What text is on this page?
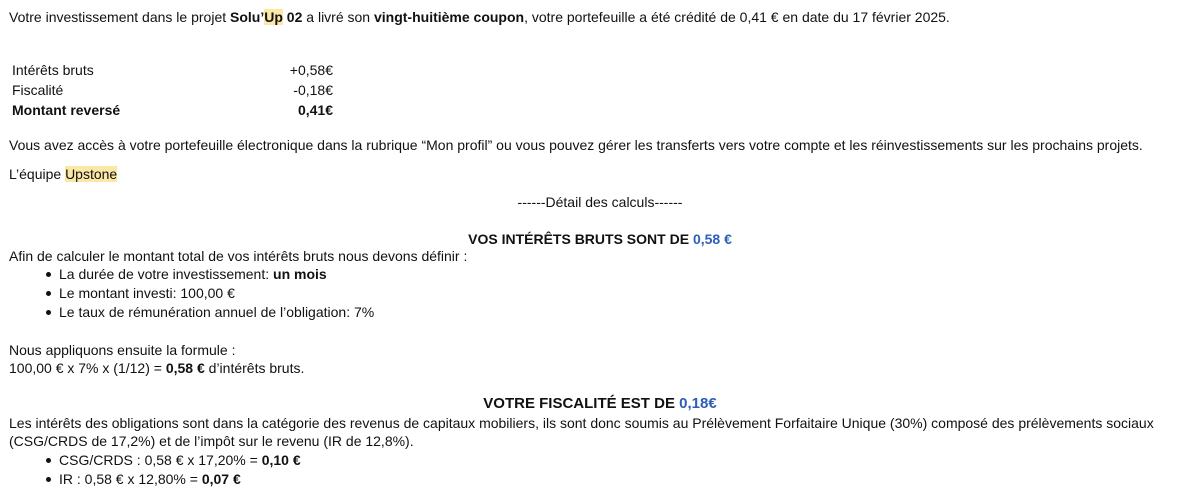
Votre investissement dans le projet Solu’Up 02 a livré son vingt-huitième coupon, votre portefeuille a été crédité de 0,41 € en date du 17 février 2025.
Intérêts bruts	+0,58€
Fiscalité	-0,18€
Montant reversé	0,41€
Vous avez accès à votre portefeuille électronique dans la rubrique “Mon profil” ou vous pouvez gérer les transferts vers votre compte et les réinvestissements sur les prochains projets.
L’équipe Upstone
------Détail des calculs------
VOS INTÉRÊTS BRUTS SONT DE 0,58 €
Afin de calculer le montant total de vos intérêts bruts nous devons définir :
La durée de votre investissement: un mois
Le montant investi: 100,00 €
Le taux de rémunération annuel de l’obligation: 7%
Nous appliquons ensuite la formule :
100,00 € x 7% x (1/12) = 0,58 € d’intérêts bruts.
VOTRE FISCALITÉ EST DE 0,18€
Les intérêts des obligations sont dans la catégorie des revenus de capitaux mobiliers, ils sont donc soumis au Prélèvement Forfaitaire Unique (30%) composé des prélèvements sociaux (CSG/CRDS de 17,2%) et de l’impôt sur le revenu (IR de 12,8%).
CSG/CRDS : 0,58 € x 17,20% = 0,10 €
IR : 0,58 € x 12,80% = 0,07 €
